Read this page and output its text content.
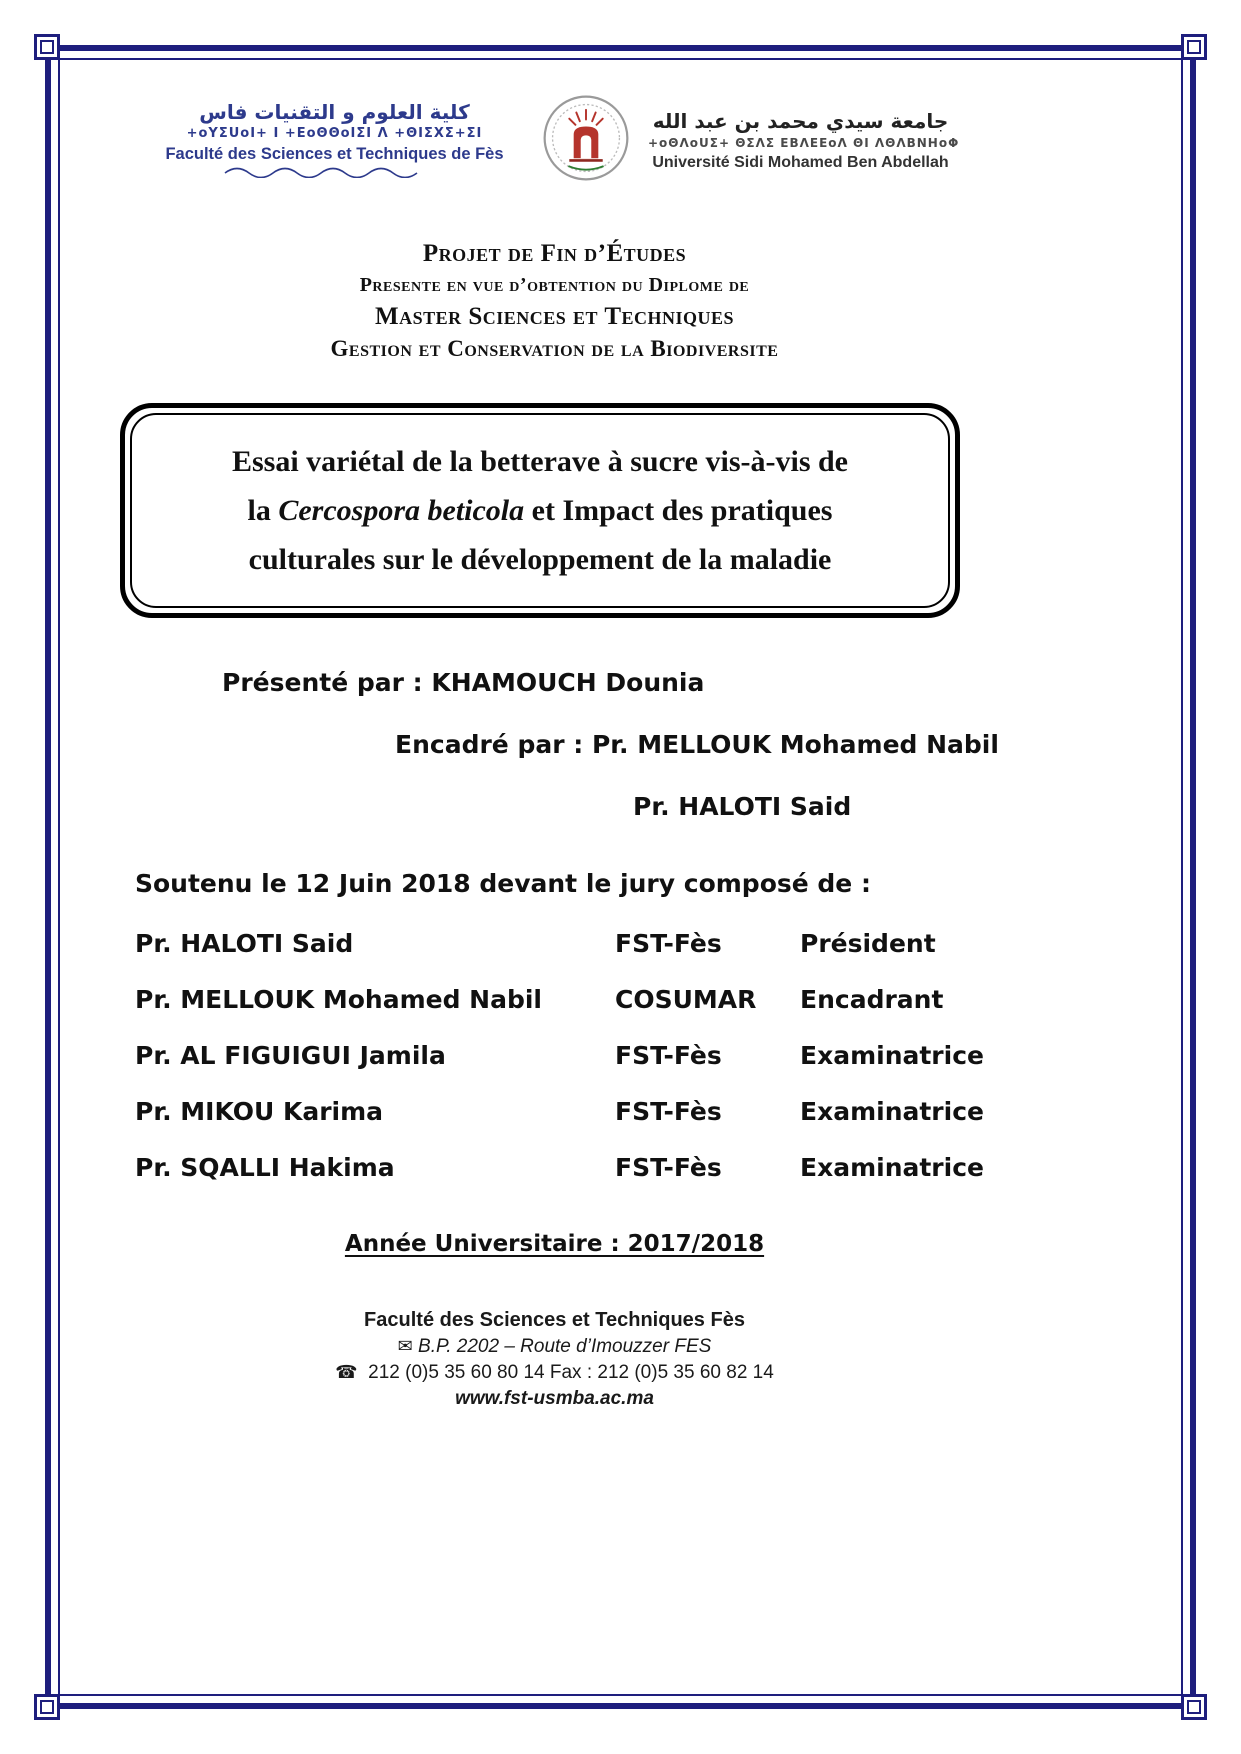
كلية العلوم و التقنيات فاس
+oYΣUoI+ I +ΕoΘΘoIΣI Λ +ΘIΣXΣ+ΣI
Faculté des Sciences et Techniques de Fès
جامعة سيدي محمد بن عبد الله
+oΘΛoUΣ+ ΘΣΛΣ ΕΒΛΕΕoΛ ΘI ΛΘΛΒΝΗoΦ
Université Sidi Mohamed Ben Abdellah
Projet de Fin d’Études
Presente en vue d’obtention du Diplome de
Master Sciences et Techniques
Gestion et Conservation de la Biodiversite
Essai variétal de la betterave à sucre vis-à-vis de
la Cercospora beticola et Impact des pratiques
culturales sur le développement de la maladie
Présenté par : KHAMOUCH Dounia
Encadré par : Pr. MELLOUK Mohamed Nabil
Pr. HALOTI Said
Soutenu le 12 Juin 2018 devant le jury composé de :
Pr. HALOTI Said	FST-Fès	Président
Pr. MELLOUK Mohamed Nabil	COSUMAR	Encadrant
Pr. AL FIGUIGUI Jamila	FST-Fès	Examinatrice
Pr. MIKOU Karima	FST-Fès	Examinatrice
Pr. SQALLI Hakima	FST-Fès	Examinatrice
Année Universitaire : 2017/2018
Faculté des Sciences et Techniques Fès
✉ B.P. 2202 – Route d’Imouzzer FES
☎ 212 (0)5 35 60 80 14 Fax : 212 (0)5 35 60 82 14
www.fst-usmba.ac.ma
